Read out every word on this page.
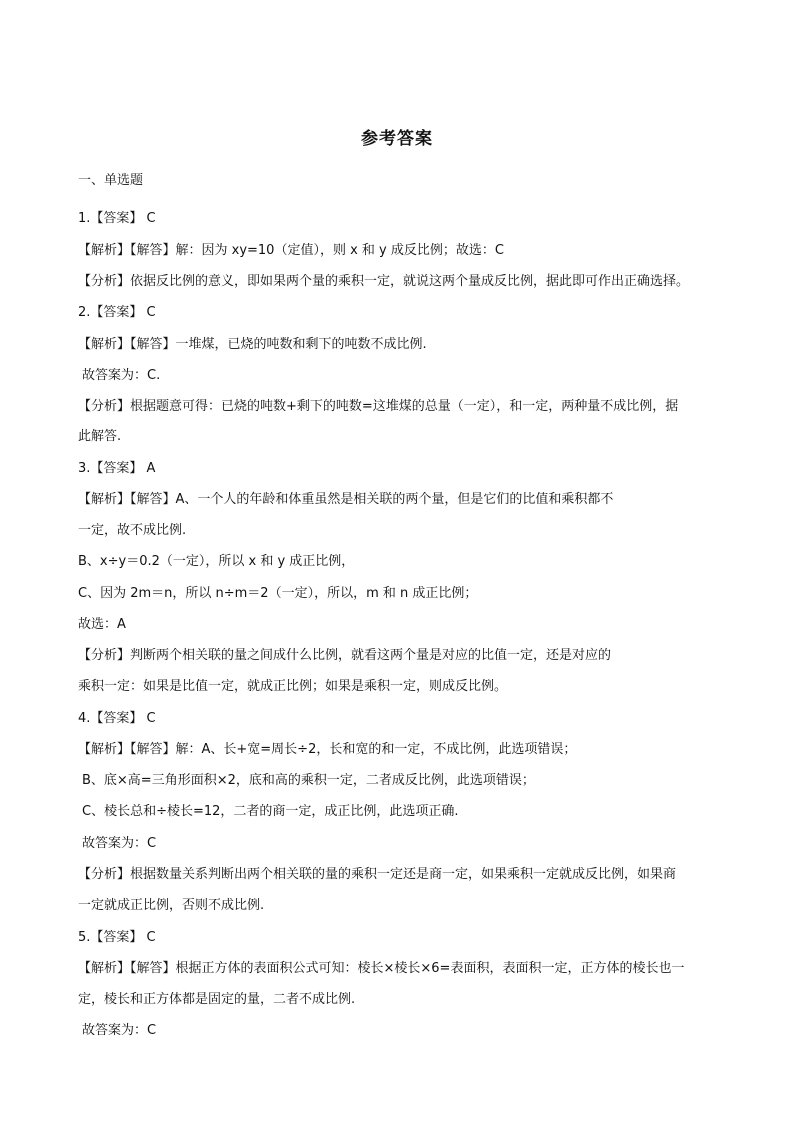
参考答案
一、单选题
1.【答案】 C
【解析】【解答】解：因为 xy=10（定值），则 x 和 y 成反比例；故选：C
【分析】依据反比例的意义，即如果两个量的乘积一定，就说这两个量成反比例，据此即可作出正确选择。
2.【答案】 C
【解析】【解答】一堆煤，已烧的吨数和剩下的吨数不成比例.
故答案为：C.
【分析】根据题意可得：已烧的吨数+剩下的吨数=这堆煤的总量（一定），和一定，两种量不成比例，据
此解答.
3.【答案】 A
【解析】【解答】A、一个人的年龄和体重虽然是相关联的两个量，但是它们的比值和乘积都不
一定，故不成比例.
B、x÷y＝0.2（一定），所以 x 和 y 成正比例，
C、因为 2m＝n，所以 n÷m＝2（一定），所以，m 和 n 成正比例；
故选：A
【分析】判断两个相关联的量之间成什么比例，就看这两个量是对应的比值一定，还是对应的
乘积一定：如果是比值一定，就成正比例；如果是乘积一定，则成反比例。
4.【答案】 C
【解析】【解答】解：A、长+宽=周长÷2，长和宽的和一定，不成比例，此选项错误；
B、底×高=三角形面积×2，底和高的乘积一定，二者成反比例，此选项错误；
C、棱长总和÷棱长=12，二者的商一定，成正比例，此选项正确.
故答案为：C
【分析】根据数量关系判断出两个相关联的量的乘积一定还是商一定，如果乘积一定就成反比例，如果商
一定就成正比例，否则不成比例.
5.【答案】 C
【解析】【解答】根据正方体的表面积公式可知：棱长×棱长×6=表面积，表面积一定，正方体的棱长也一
定，棱长和正方体都是固定的量，二者不成比例.
故答案为：C
